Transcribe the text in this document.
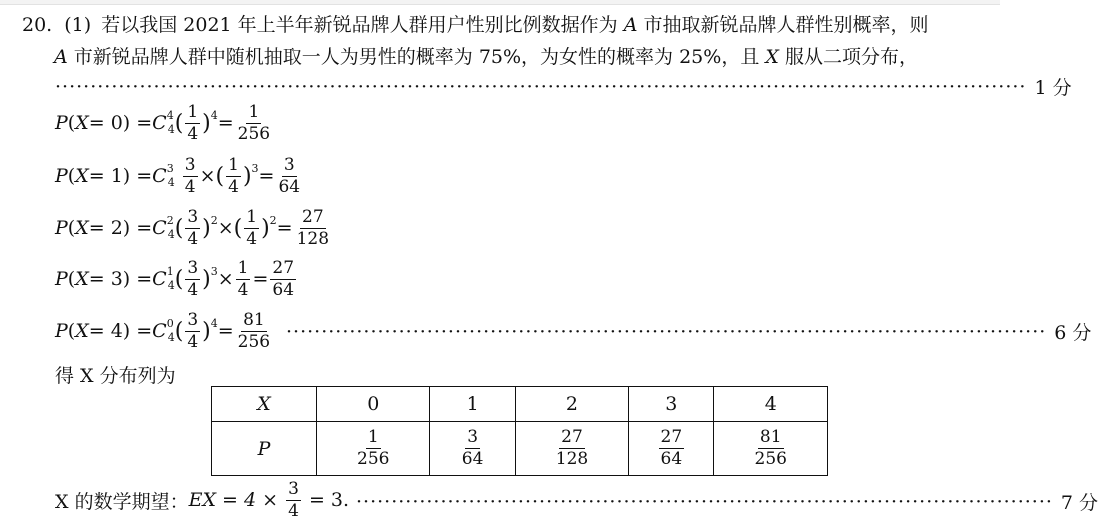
20. (1) 若以我国 2021 年上半年新锐品牌人群用户性别比例数据作为 A 市抽取新锐品牌人群性别概率，则
A 市新锐品牌人群中随机抽取一人为男性的概率为 75%，为女性的概率为 25%，且 X 服从二项分布，
·········································································································································· 1 分
P ( X = 0) = C 4
4 ( $\frac{1}{4}$ ) $4 = \frac{1}{256}$
P ( X = 1) = C 3
4
$\frac{3}{4}$ × ( $\frac{1}{4}$ ) $3 = \frac{3}{64}$
P ( X = 2) = C 2
4 ( $\frac{3}{4}$ ) 2 × ( $\frac{1}{4}$ ) $2 = \frac{27}{128}$
P ( X = 3) = C 1
4 ( $\frac{3}{4}$ ) $3 \times \frac{1}{4} = \frac{27}{64}$
P ( X = 4) = C 0
4 ( $\frac{3}{4}$ ) $4 = \frac{81}{256}$ ············································································································ 6 分
得 X 分布列为
X	0	1	2	3	4
P	$\frac{1}{256}$	$\frac{3}{64}$	$\frac{27}{128}$	$\frac{27}{64}$	$\frac{81}{256}$
X 的数学期望： EX = 4 ×
$\frac{3}{4}$
= 3. ··································································································· 7 分
